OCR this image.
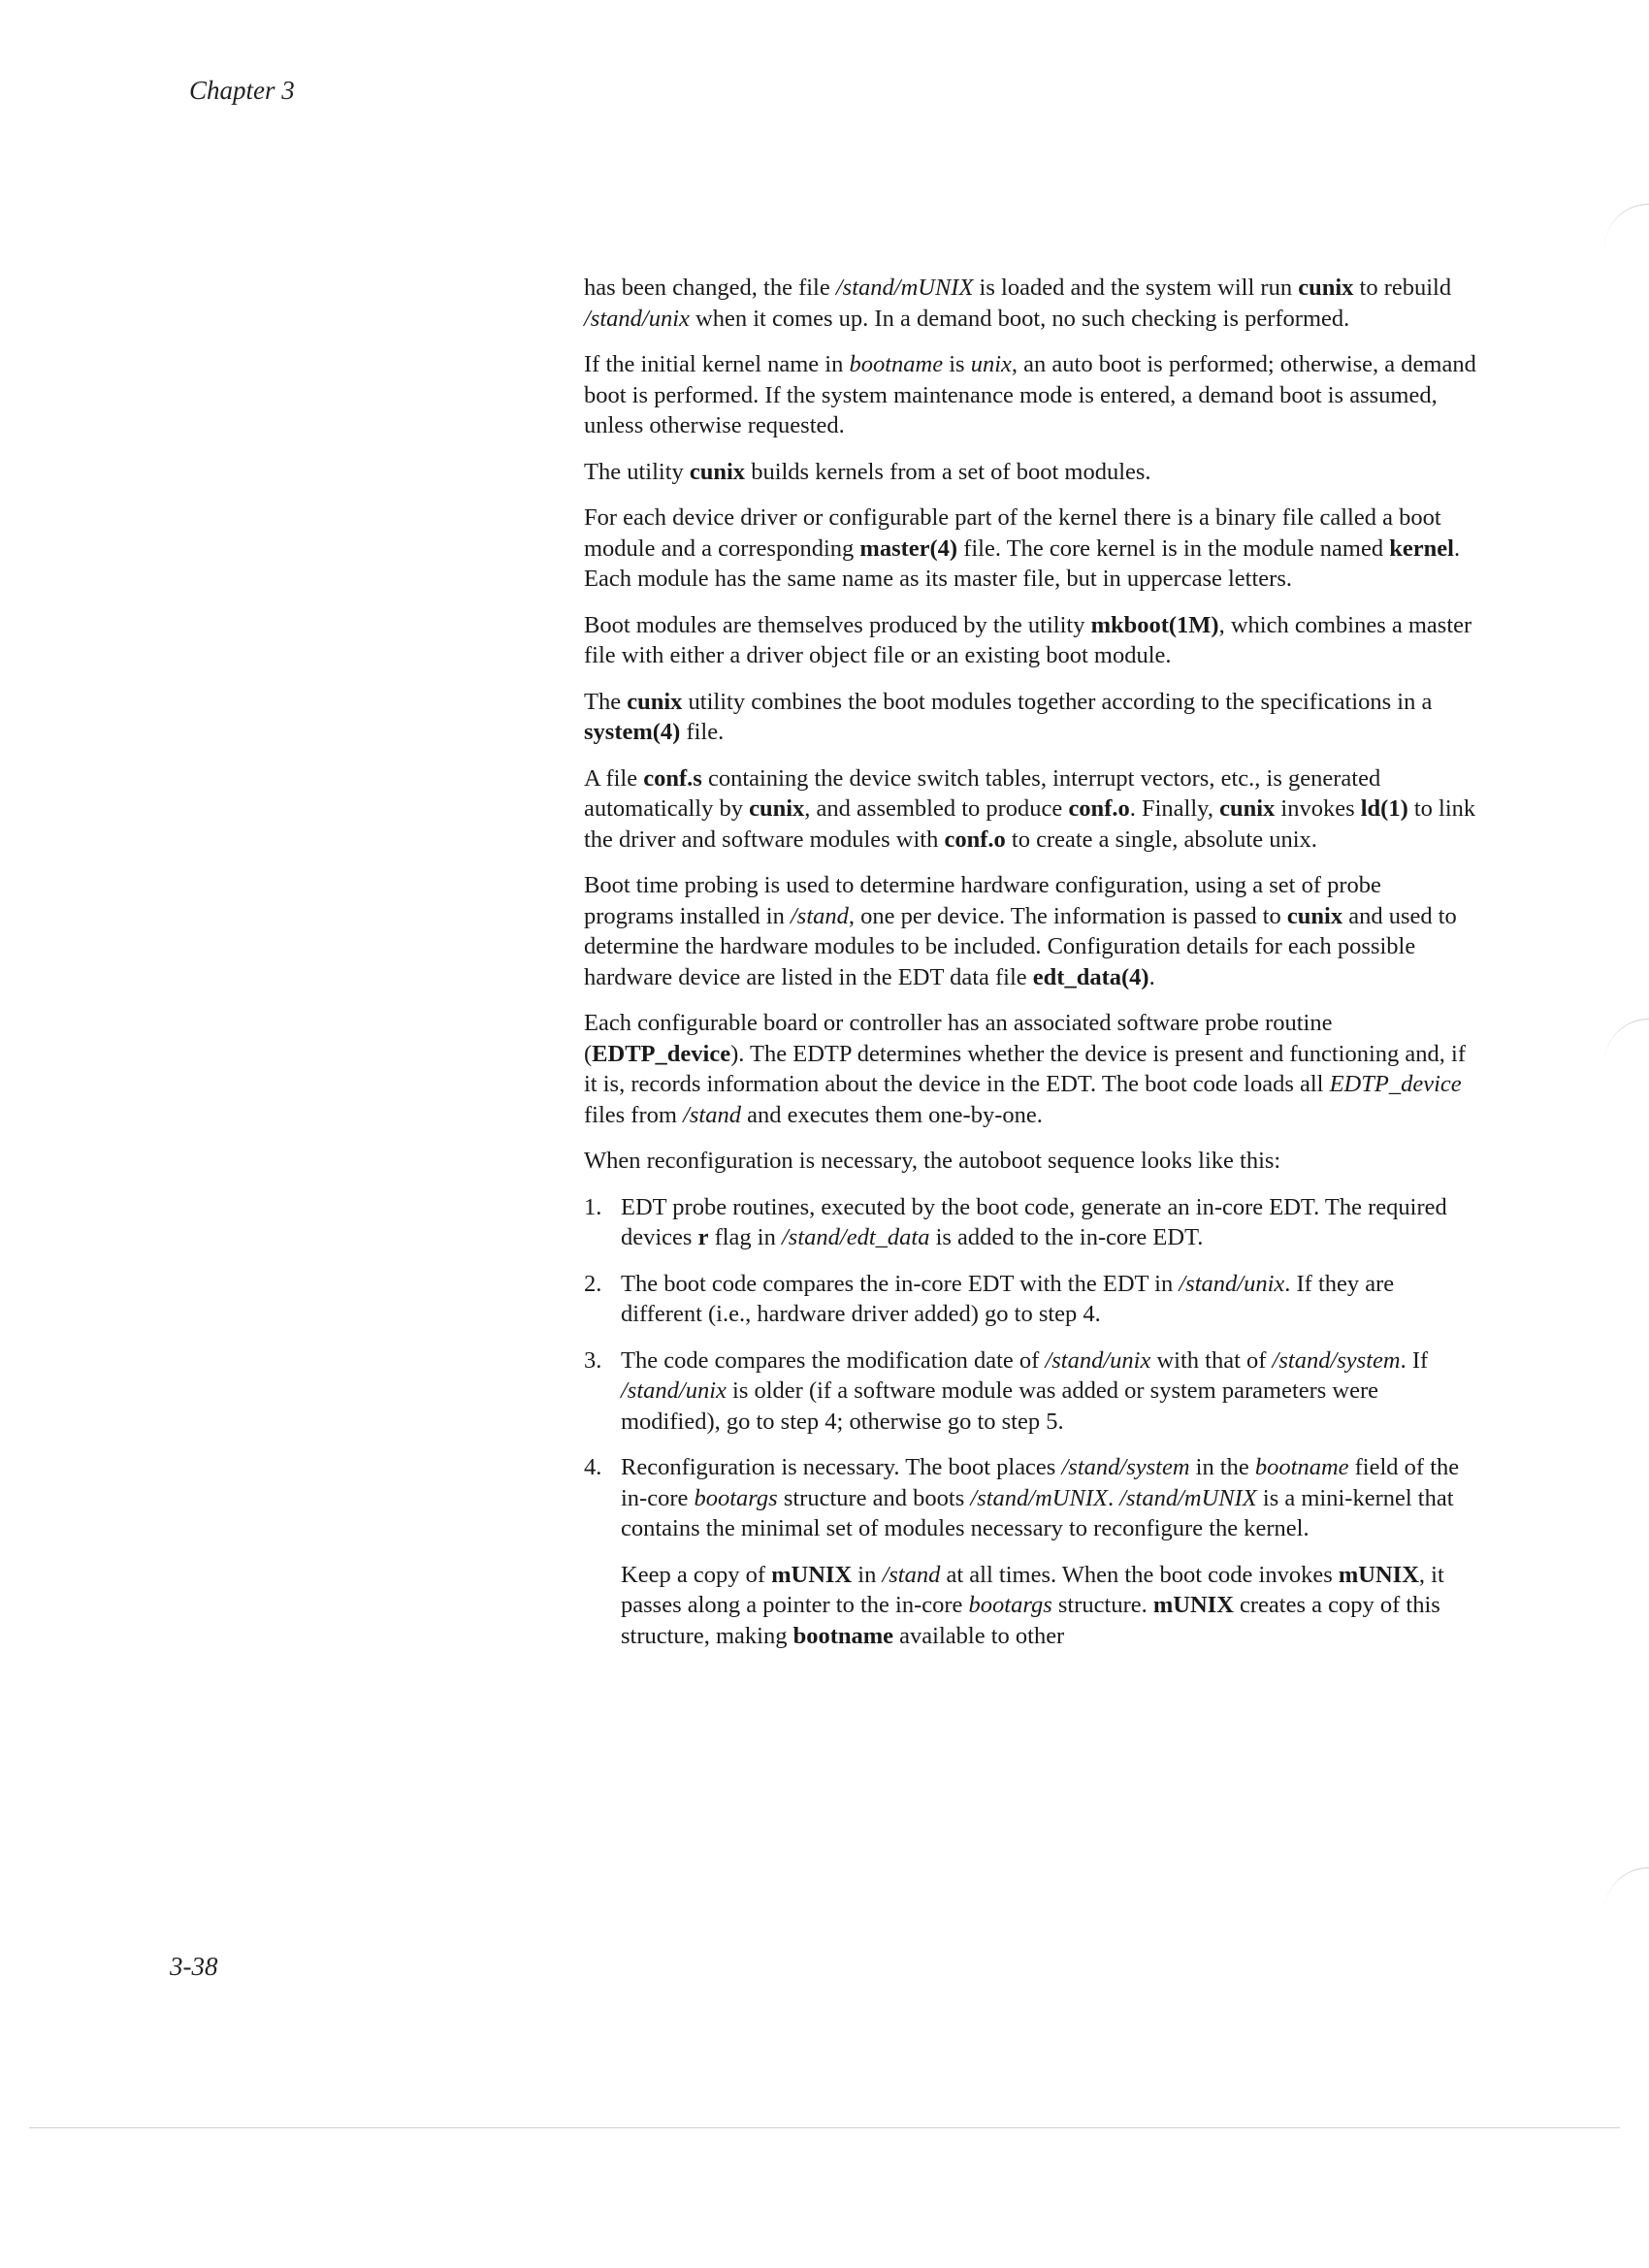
Chapter 3

has been changed, the file /stand/mUNIX is loaded and the system will run cunix to rebuild /stand/unix when it comes up. In a demand boot, no such checking is performed.

If the initial kernel name in bootname is unix, an auto boot is performed; otherwise, a demand boot is performed. If the system maintenance mode is entered, a demand boot is assumed, unless otherwise requested.

The utility cunix builds kernels from a set of boot modules.

For each device driver or configurable part of the kernel there is a binary file called a boot module and a corresponding master(4) file. The core kernel is in the module named kernel. Each module has the same name as its master file, but in uppercase letters.

Boot modules are themselves produced by the utility mkboot(1M), which combines a master file with either a driver object file or an existing boot module.

The cunix utility combines the boot modules together according to the specifications in a system(4) file.

A file conf.s containing the device switch tables, interrupt vectors, etc., is generated automatically by cunix, and assembled to produce conf.o. Finally, cunix invokes ld(1) to link the driver and software modules with conf.o to create a single, absolute unix.

Boot time probing is used to determine hardware configuration, using a set of probe programs installed in /stand, one per device. The information is passed to cunix and used to determine the hardware modules to be included. Configuration details for each possible hardware device are listed in the EDT data file edt_data(4).

Each configurable board or controller has an associated software probe routine (EDTP_device). The EDTP determines whether the device is present and functioning and, if it is, records information about the device in the EDT. The boot code loads all EDTP_device files from /stand and executes them one-by-one.

When reconfiguration is necessary, the autoboot sequence looks like this:

1. EDT probe routines, executed by the boot code, generate an in-core EDT. The required devices r flag in /stand/edt_data is added to the in-core EDT.
2. The boot code compares the in-core EDT with the EDT in /stand/unix. If they are different (i.e., hardware driver added) go to step 4.
3. The code compares the modification date of /stand/unix with that of /stand/system. If /stand/unix is older (if a software module was added or system parameters were modified), go to step 4; otherwise go to step 5.
4. Reconfiguration is necessary. The boot places /stand/system in the bootname field of the in-core bootargs structure and boots /stand/mUNIX. /stand/mUNIX is a mini-kernel that contains the minimal set of modules necessary to reconfigure the kernel.

Keep a copy of mUNIX in /stand at all times. When the boot code invokes mUNIX, it passes along a pointer to the in-core bootargs structure. mUNIX creates a copy of this structure, making bootname available to other

3-38
